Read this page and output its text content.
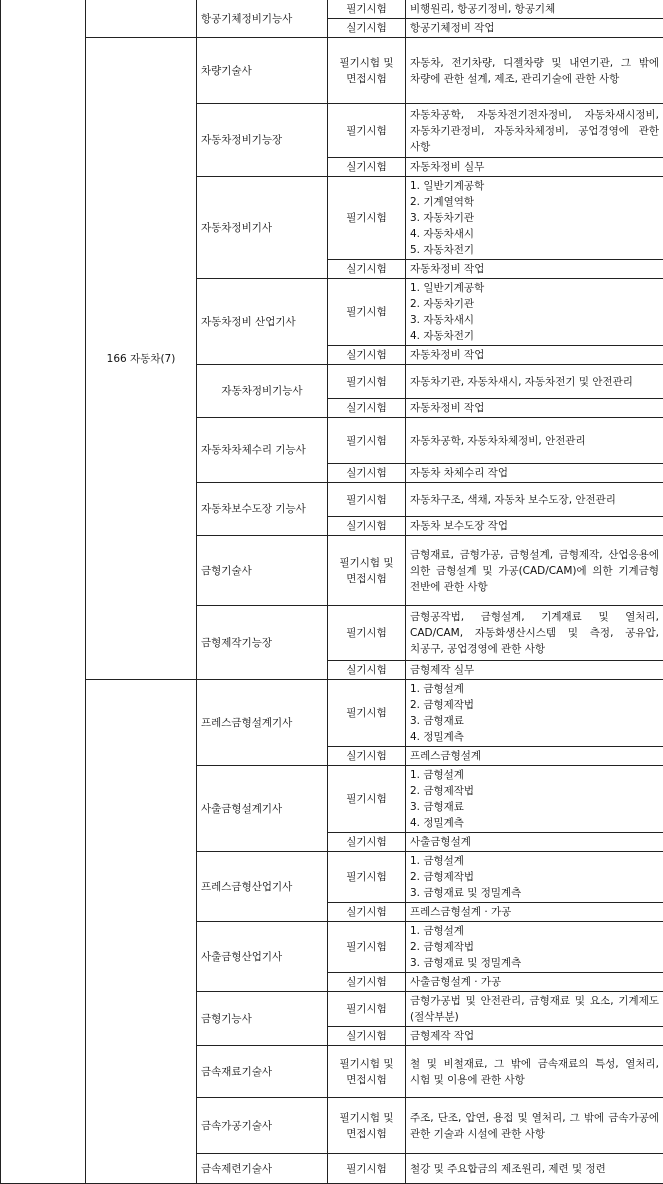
		항공기체정비기능사	필기시험	비행원리, 항공기정비, 항공기체
			실기시험	항공기체정비 작업
	166 자동차(7)	차량기술사	필기시험 및 면접시험	자동차, 전기차량, 디젤차량 및 내연기관, 그 밖에 차량에 관한 설계, 제조, 관리기술에 관한 사항
		자동차정비기능장	필기시험	자동차공학, 자동차전기전자정비, 자동차새시정비, 자동차기관정비, 자동차차체정비, 공업경영에 관한 사항
			실기시험	자동차정비 실무
		자동차정비기사	필기시험	1. 일반기계공학
2. 기계열역학
3. 자동차기관
4. 자동차새시
5. 자동차전기

			실기시험	자동차정비 작업
		자동차정비 산업기사	필기시험	1. 일반기계공학
2. 자동차기관
3. 자동차새시
4. 자동차전기

			실기시험	자동차정비 작업
		자동차정비기능사	필기시험	자동차기관, 자동차새시, 자동차전기 및 안전관리
			실기시험	자동차정비 작업
		자동차차체수리 기능사	필기시험	자동차공학, 자동차차체정비, 안전관리
			실기시험	자동차 차체수리 작업
		자동차보수도장 기능사	필기시험	자동차구조, 색채, 자동차 보수도장, 안전관리
			실기시험	자동차 보수도장 작업
		금형기술사	필기시험 및 면접시험	금형재료, 금형가공, 금형설계, 금형제작, 산업응용에 의한 금형설계 및 가공(CAD/CAM)에 의한 기계금형 전반에 관한 사항
		금형제작기능장	필기시험	금형공작법, 금형설계, 기계재료 및 열처리, CAD/CAM, 자동화생산시스템 및 측정, 공유압, 치공구, 공업경영에 관한 사항
			실기시험	금형제작 실무
		프레스금형설계기사	필기시험	1. 금형설계
2. 금형제작법
3. 금형재료
4. 정밀계측

			실기시험	프레스금형설계
		사출금형설계기사	필기시험	1. 금형설계
2. 금형제작법
3. 금형재료
4. 정밀계측

			실기시험	사출금형설계
		프레스금형산업기사	필기시험	1. 금형설계
2. 금형제작법
3. 금형재료 및 정밀계측

			실기시험	프레스금형설계 · 가공
		사출금형산업기사	필기시험	1. 금형설계
2. 금형제작법
3. 금형재료 및 정밀계측

			실기시험	사출금형설계 · 가공
		금형기능사	필기시험	금형가공법 및 안전관리, 금형재료 및 요소, 기계제도(절삭부분)
			실기시험	금형제작 작업
		금속재료기술사	필기시험 및 면접시험	철 및 비철재료, 그 밖에 금속재료의 특성, 열처리, 시험 및 이용에 관한 사항
		금속가공기술사	필기시험 및 면접시험	주조, 단조, 압연, 용접 및 열처리, 그 밖에 금속가공에 관한 기술과 시설에 관한 사항
		금속제련기술사	필기시험	철강 및 주요합금의 제조원리, 제련 및 정련
